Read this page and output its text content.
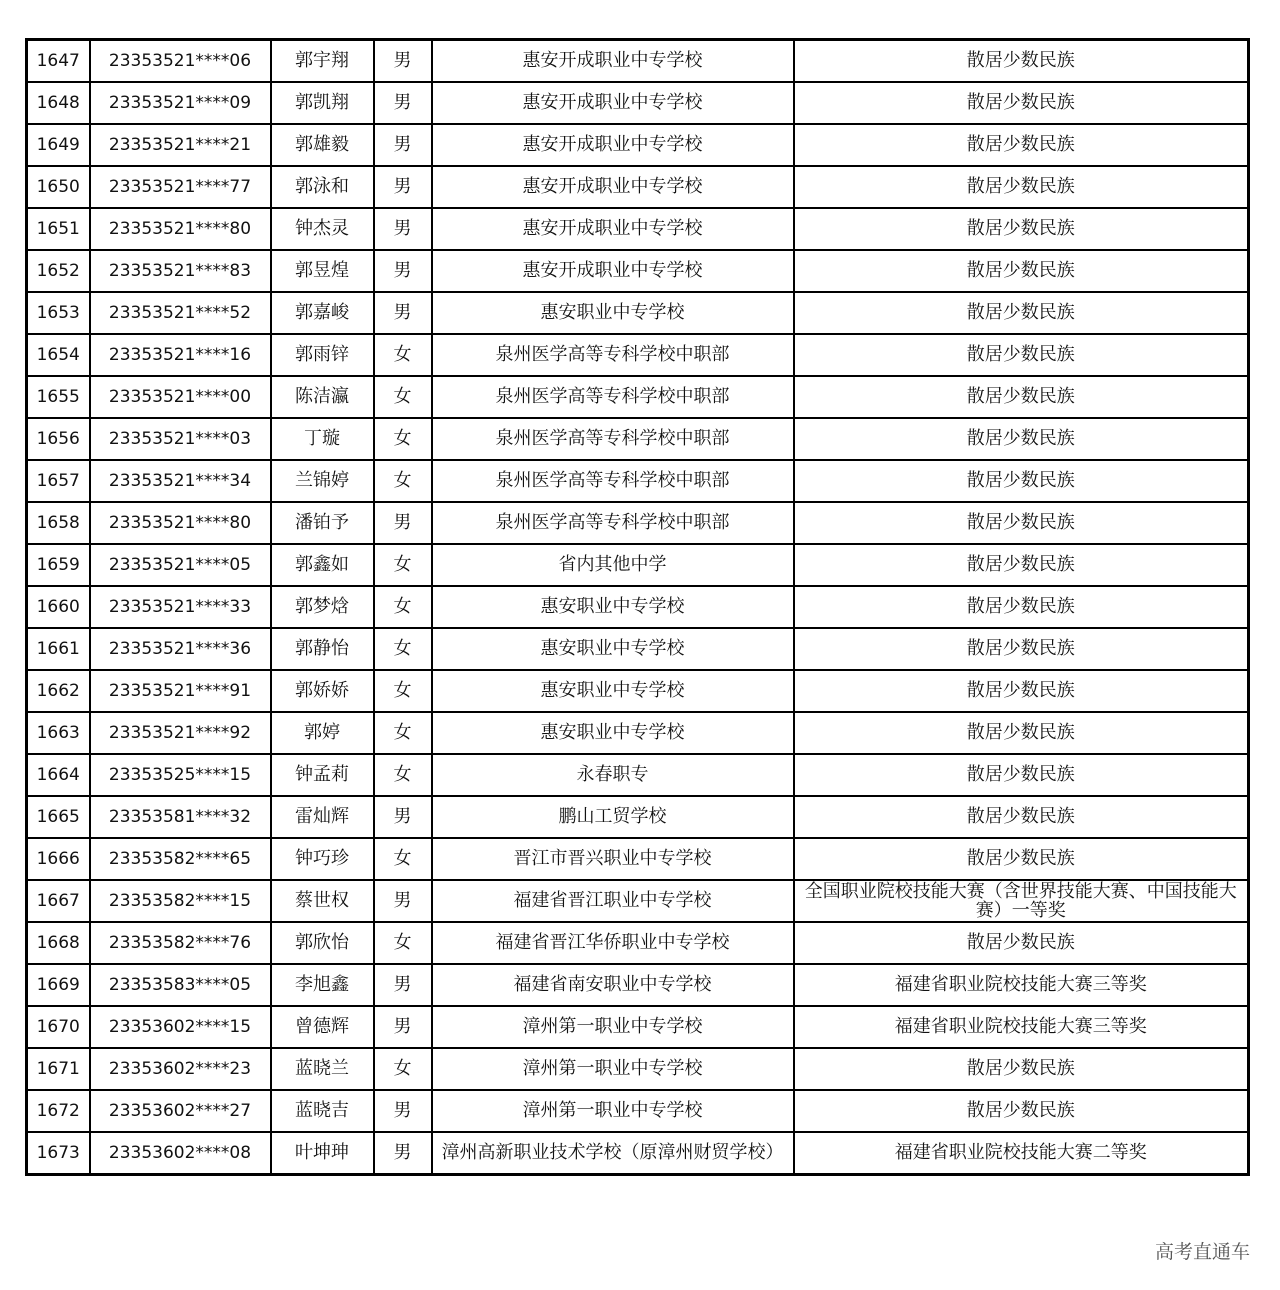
1647	23353521****06	郭宇翔	男	惠安开成职业中专学校	散居少数民族
1648	23353521****09	郭凯翔	男	惠安开成职业中专学校	散居少数民族
1649	23353521****21	郭雄毅	男	惠安开成职业中专学校	散居少数民族
1650	23353521****77	郭泳和	男	惠安开成职业中专学校	散居少数民族
1651	23353521****80	钟杰灵	男	惠安开成职业中专学校	散居少数民族
1652	23353521****83	郭昱煌	男	惠安开成职业中专学校	散居少数民族
1653	23353521****52	郭嘉峻	男	惠安职业中专学校	散居少数民族
1654	23353521****16	郭雨锌	女	泉州医学高等专科学校中职部	散居少数民族
1655	23353521****00	陈洁瀛	女	泉州医学高等专科学校中职部	散居少数民族
1656	23353521****03	丁璇	女	泉州医学高等专科学校中职部	散居少数民族
1657	23353521****34	兰锦婷	女	泉州医学高等专科学校中职部	散居少数民族
1658	23353521****80	潘铂予	男	泉州医学高等专科学校中职部	散居少数民族
1659	23353521****05	郭鑫如	女	省内其他中学	散居少数民族
1660	23353521****33	郭梦焓	女	惠安职业中专学校	散居少数民族
1661	23353521****36	郭静怡	女	惠安职业中专学校	散居少数民族
1662	23353521****91	郭娇娇	女	惠安职业中专学校	散居少数民族
1663	23353521****92	郭婷	女	惠安职业中专学校	散居少数民族
1664	23353525****15	钟孟莉	女	永春职专	散居少数民族
1665	23353581****32	雷灿辉	男	鹏山工贸学校	散居少数民族
1666	23353582****65	钟巧珍	女	晋江市晋兴职业中专学校	散居少数民族
1667	23353582****15	蔡世权	男	福建省晋江职业中专学校	全国职业院校技能大赛（含世界技能大赛、中国技能大赛）一等奖
1668	23353582****76	郭欣怡	女	福建省晋江华侨职业中专学校	散居少数民族
1669	23353583****05	李旭鑫	男	福建省南安职业中专学校	福建省职业院校技能大赛三等奖
1670	23353602****15	曾德辉	男	漳州第一职业中专学校	福建省职业院校技能大赛三等奖
1671	23353602****23	蓝晓兰	女	漳州第一职业中专学校	散居少数民族
1672	23353602****27	蓝晓吉	男	漳州第一职业中专学校	散居少数民族
1673	23353602****08	叶坤珅	男	漳州高新职业技术学校（原漳州财贸学校）	福建省职业院校技能大赛二等奖
高考直通车
